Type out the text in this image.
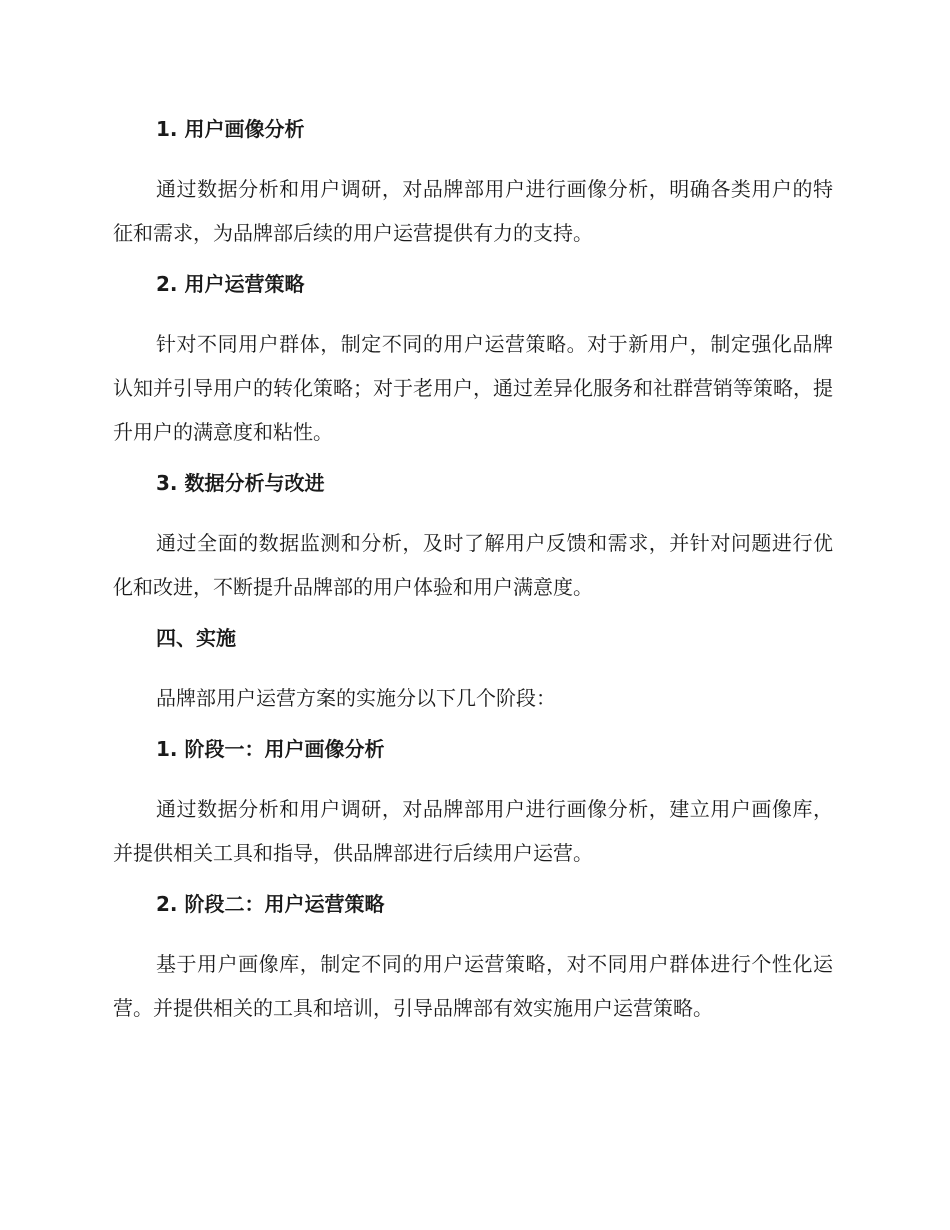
1. 用户画像分析

通过数据分析和用户调研，对品牌部用户进行画像分析，明确各类用户的特征和需求，为品牌部后续的用户运营提供有力的支持。

2. 用户运营策略

针对不同用户群体，制定不同的用户运营策略。对于新用户，制定强化品牌认知并引导用户的转化策略；对于老用户，通过差异化服务和社群营销等策略，提升用户的满意度和粘性。

3. 数据分析与改进

通过全面的数据监测和分析，及时了解用户反馈和需求，并针对问题进行优化和改进，不断提升品牌部的用户体验和用户满意度。

四、实施

品牌部用户运营方案的实施分以下几个阶段：

1. 阶段一：用户画像分析

通过数据分析和用户调研，对品牌部用户进行画像分析，建立用户画像库，并提供相关工具和指导，供品牌部进行后续用户运营。

2. 阶段二：用户运营策略

基于用户画像库，制定不同的用户运营策略，对不同用户群体进行个性化运营。并提供相关的工具和培训，引导品牌部有效实施用户运营策略。
